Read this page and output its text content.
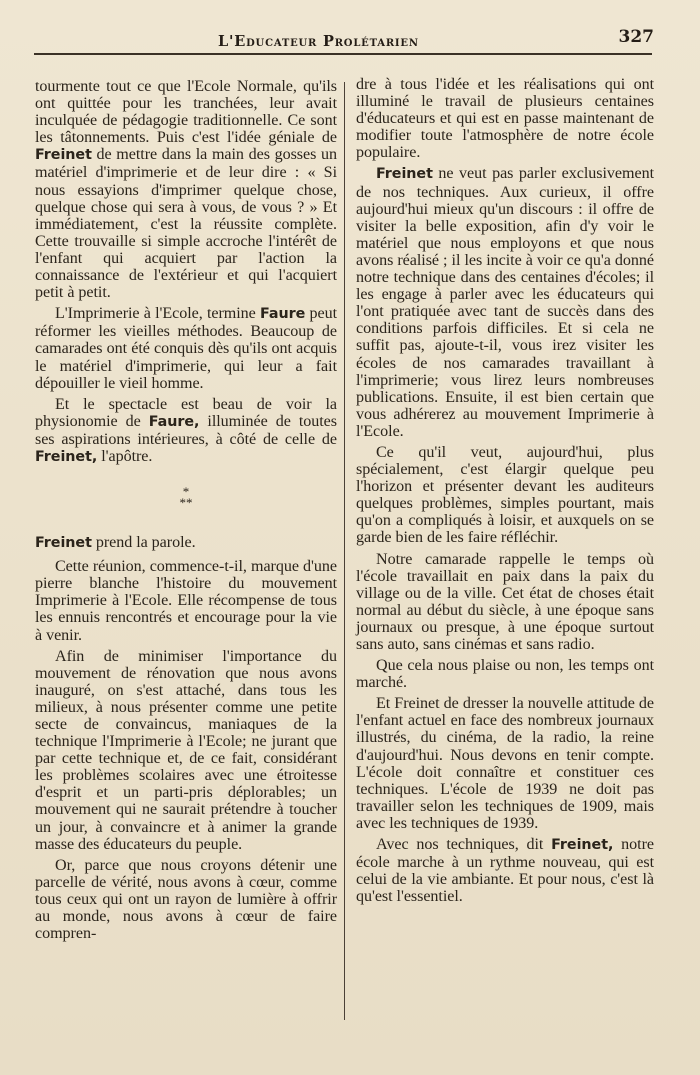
L'Educateur Prolétarien	327

tourmente tout ce que l'Ecole Normale, qu'ils ont quittée pour les tranchées, leur avait inculquée de pédagogie traditionnelle. Ce sont les tâtonnements. Puis c'est l'idée géniale de Freinet de mettre dans la main des gosses un matériel d'imprimerie et de leur dire : « Si nous essayions d'imprimer quelque chose, quelque chose qui sera à vous, de vous ? » Et immédiatement, c'est la réussite complète. Cette trouvaille si simple accroche l'intérêt de l'enfant qui acquiert par l'action la connaissance de l'extérieur et qui l'acquiert petit à petit.

L'Imprimerie à l'Ecole, termine Faure peut réformer les vieilles méthodes. Beaucoup de camarades ont été conquis dès qu'ils ont acquis le matériel d'imprimerie, qui leur a fait dépouiller le vieil homme.

Et le spectacle est beau de voir la physionomie de Faure, illuminée de toutes ses aspirations intérieures, à côté de celle de Freinet, l'apôtre.

*
**

Freinet prend la parole.

Cette réunion, commence-t-il, marque d'une pierre blanche l'histoire du mouvement Imprimerie à l'Ecole. Elle récompense de tous les ennuis rencontrés et encourage pour la vie à venir.

Afin de minimiser l'importance du mouvement de rénovation que nous avons inauguré, on s'est attaché, dans tous les milieux, à nous présenter comme une petite secte de convaincus, maniaques de la technique l'Imprimerie à l'Ecole; ne jurant que par cette technique et, de ce fait, considérant les problèmes scolaires avec une étroitesse d'esprit et un parti-pris déplorables; un mouvement qui ne saurait prétendre à toucher un jour, à convaincre et à animer la grande masse des éducateurs du peuple.

Or, parce que nous croyons détenir une parcelle de vérité, nous avons à cœur, comme tous ceux qui ont un rayon de lumière à offrir au monde, nous avons à cœur de faire compren-

dre à tous l'idée et les réalisations qui ont illuminé le travail de plusieurs centaines d'éducateurs et qui est en passe maintenant de modifier toute l'atmosphère de notre école populaire.

Freinet ne veut pas parler exclusivement de nos techniques. Aux curieux, il offre aujourd'hui mieux qu'un discours : il offre de visiter la belle exposition, afin d'y voir le matériel que nous employons et que nous avons réalisé ; il les incite à voir ce qu'a donné notre technique dans des centaines d'écoles; il les engage à parler avec les éducateurs qui l'ont pratiquée avec tant de succès dans des conditions parfois difficiles. Et si cela ne suffit pas, ajoute-t-il, vous irez visiter les écoles de nos camarades travaillant à l'imprimerie; vous lirez leurs nombreuses publications. Ensuite, il est bien certain que vous adhérerez au mouvement Imprimerie à l'Ecole.

Ce qu'il veut, aujourd'hui, plus spécialement, c'est élargir quelque peu l'horizon et présenter devant les auditeurs quelques problèmes, simples pourtant, mais qu'on a compliqués à loisir, et auxquels on se garde bien de les faire réfléchir.

Notre camarade rappelle le temps où l'école travaillait en paix dans la paix du village ou de la ville. Cet état de choses était normal au début du siècle, à une époque sans journaux ou presque, à une époque surtout sans auto, sans cinémas et sans radio.

Que cela nous plaise ou non, les temps ont marché.

Et Freinet de dresser la nouvelle attitude de l'enfant actuel en face des nombreux journaux illustrés, du cinéma, de la radio, la reine d'aujourd'hui. Nous devons en tenir compte. L'école doit connaître et constituer ces techniques. L'école de 1939 ne doit pas travailler selon les techniques de 1909, mais avec les techniques de 1939.

Avec nos techniques, dit Freinet, notre école marche à un rythme nouveau, qui est celui de la vie ambiante. Et pour nous, c'est là qu'est l'essentiel.
